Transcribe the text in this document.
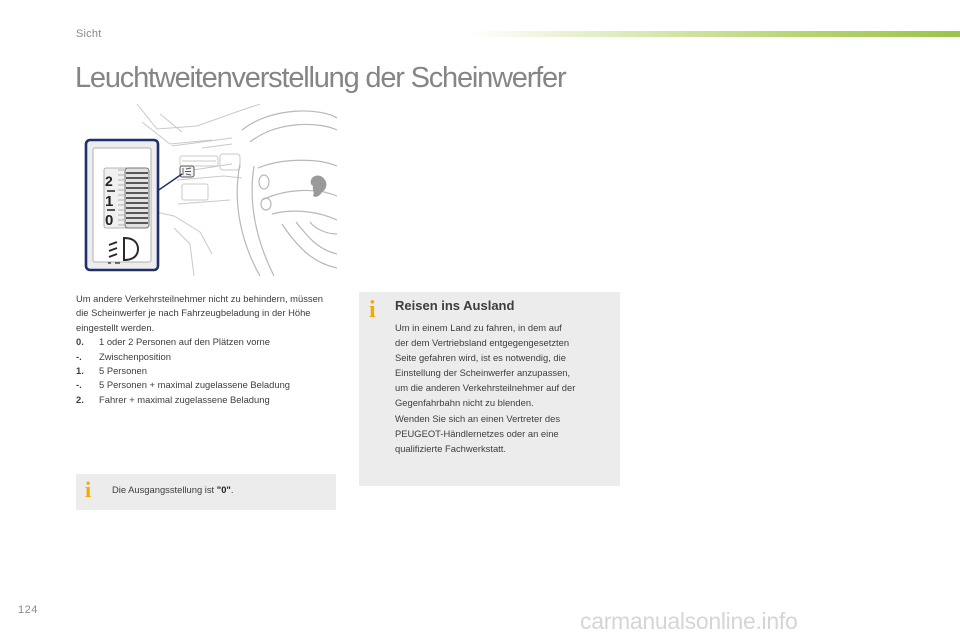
Sicht
Leuchtweitenverstellung der Scheinwerfer
2
1
0

Um andere Verkehrsteilnehmer nicht zu behindern, müssen die Scheinwerfer je nach Fahrzeugbeladung in der Höhe eingestellt werden.

0.	1 oder 2 Personen auf den Plätzen vorne
-.	Zwischenposition
1.	5 Personen
-.	5 Personen + maximal zugelassene Beladung
2.	Fahrer + maximal zugelassene Beladung
i Die Ausgangsstellung ist "0".
i Reisen ins Ausland

Um in einem Land zu fahren, in dem auf
der dem Vertriebsland entgegengesetzten
Seite gefahren wird, ist es notwendig, die
Einstellung der Scheinwerfer anzupassen,
um die anderen Verkehrsteilnehmer auf der
Gegenfahrbahn nicht zu blenden.
Wenden Sie sich an einen Vertreter des
PEUGEOT-Händlernetzes oder an eine
qualifizierte Fachwerkstatt.

124	carmanualsonline.info
